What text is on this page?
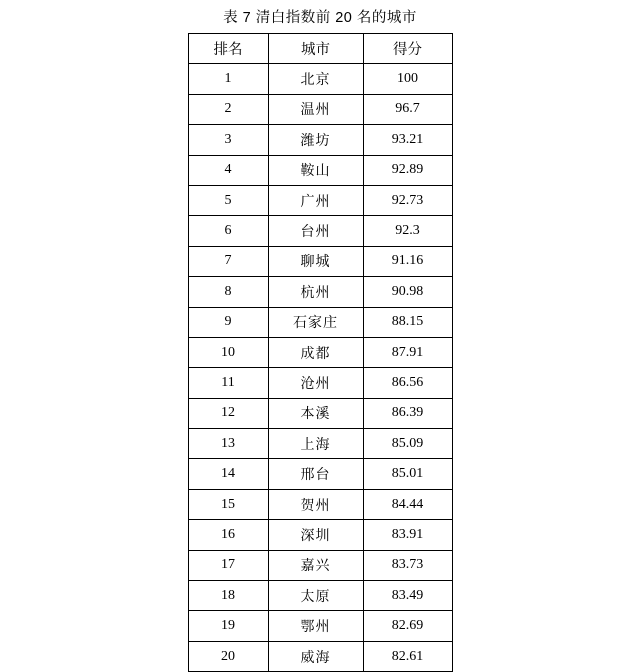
表 7 清白指数前 20 名的城市
排名	城市	得分
1	北京	100
2	温州	96.7
3	潍坊	93.21
4	鞍山	92.89
5	广州	92.73
6	台州	92.3
7	聊城	91.16
8	杭州	90.98
9	石家庄	88.15
10	成都	87.91
11	沧州	86.56
12	本溪	86.39
13	上海	85.09
14	邢台	85.01
15	贺州	84.44
16	深圳	83.91
17	嘉兴	83.73
18	太原	83.49
19	鄂州	82.69
20	威海	82.61
